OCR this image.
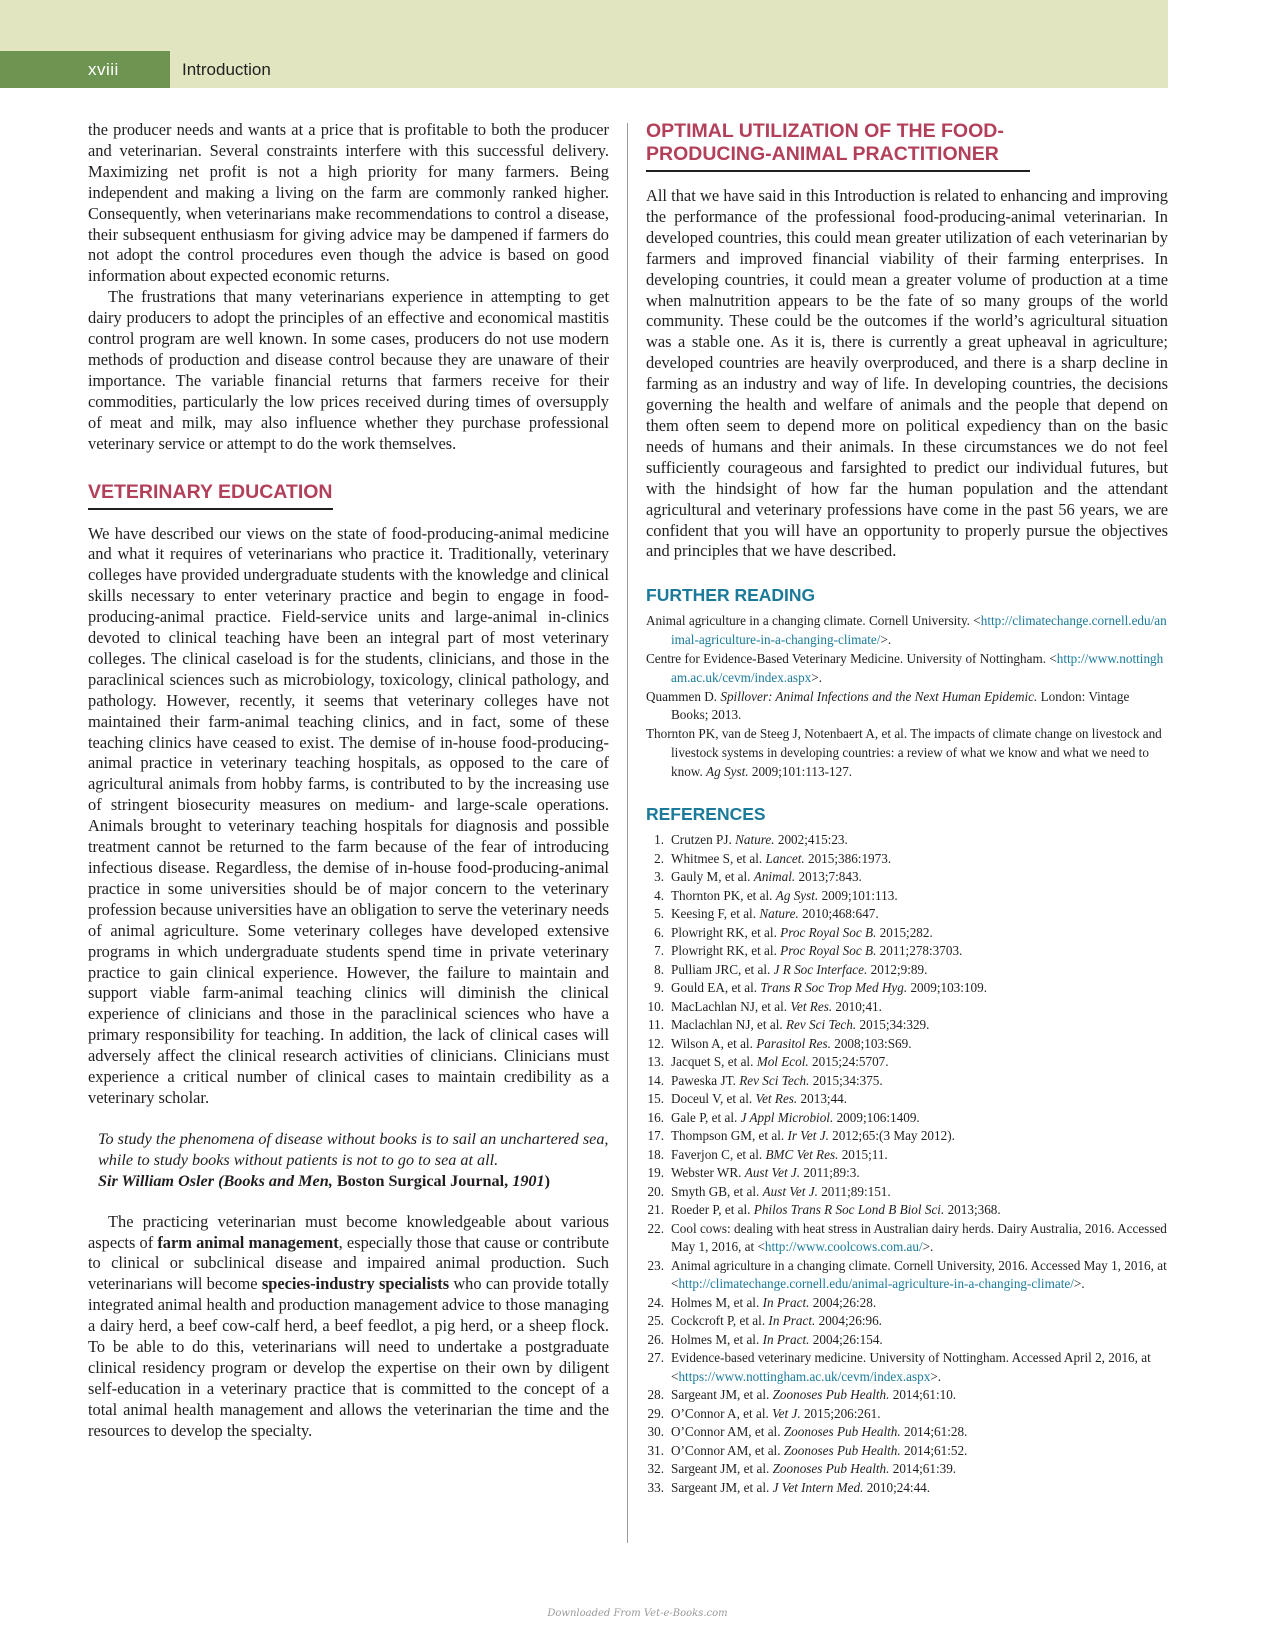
xviii	Introduction

the producer needs and wants at a price that is profitable to both the producer and veterinarian. Several constraints interfere with this successful delivery. Maximizing net profit is not a high priority for many farmers. Being independent and making a living on the farm are commonly ranked higher. Consequently, when veterinarians make recommendations to control a disease, their subsequent enthusiasm for giving advice may be dampened if farmers do not adopt the control procedures even though the advice is based on good information about expected economic returns.

The frustrations that many veterinarians experience in attempting to get dairy producers to adopt the principles of an effective and economical mastitis control program are well known. In some cases, producers do not use modern methods of production and disease control because they are unaware of their importance. The variable financial returns that farmers receive for their commodities, particularly the low prices received during times of oversupply of meat and milk, may also influence whether they purchase professional veterinary service or attempt to do the work themselves.

VETERINARY EDUCATION

We have described our views on the state of food-producing-animal medicine and what it requires of veterinarians who practice it. Traditionally, veterinary colleges have provided undergraduate students with the knowledge and clinical skills necessary to enter veterinary practice and begin to engage in food-producing-animal practice. Field-service units and large-animal in-clinics devoted to clinical teaching have been an integral part of most veterinary colleges. The clinical caseload is for the students, clinicians, and those in the paraclinical sciences such as microbiology, toxicology, clinical pathology, and pathology. However, recently, it seems that veterinary colleges have not maintained their farm-animal teaching clinics, and in fact, some of these teaching clinics have ceased to exist. The demise of in-house food-producing-animal practice in veterinary teaching hospitals, as opposed to the care of agricultural animals from hobby farms, is contributed to by the increasing use of stringent biosecurity measures on medium- and large-scale operations. Animals brought to veterinary teaching hospitals for diagnosis and possible treatment cannot be returned to the farm because of the fear of introducing infectious disease. Regardless, the demise of in-house food-producing-animal practice in some universities should be of major concern to the veterinary profession because universities have an obligation to serve the veterinary needs of animal agriculture. Some veterinary colleges have developed extensive programs in which undergraduate students spend time in private veterinary practice to gain clinical experience. However, the failure to maintain and support viable farm-animal teaching clinics will diminish the clinical experience of clinicians and those in the paraclinical sciences who have a primary responsibility for teaching. In addition, the lack of clinical cases will adversely affect the clinical research activities of clinicians. Clinicians must experience a critical number of clinical cases to maintain credibility as a veterinary scholar.

To study the phenomena of disease without books is to sail an unchartered sea, while to study books without patients is not to go to sea at all.
Sir William Osler (Books and Men, Boston Surgical Journal, 1901)

The practicing veterinarian must become knowledgeable about various aspects of farm animal management, especially those that cause or contribute to clinical or subclinical disease and impaired animal production. Such veterinarians will become species-industry specialists who can provide totally integrated animal health and production management advice to those managing a dairy herd, a beef cow-calf herd, a beef feedlot, a pig herd, or a sheep flock. To be able to do this, veterinarians will need to undertake a postgraduate clinical residency program or develop the expertise on their own by diligent self-education in a veterinary practice that is committed to the concept of a total animal health management and allows the veterinarian the time and the resources to develop the specialty.

OPTIMAL UTILIZATION OF THE FOOD-PRODUCING-ANIMAL PRACTITIONER

All that we have said in this Introduction is related to enhancing and improving the performance of the professional food-producing-animal veterinarian. In developed countries, this could mean greater utilization of each veterinarian by farmers and improved financial viability of their farming enterprises. In developing countries, it could mean a greater volume of production at a time when malnutrition appears to be the fate of so many groups of the world community. These could be the outcomes if the world’s agricultural situation was a stable one. As it is, there is currently a great upheaval in agriculture; developed countries are heavily overproduced, and there is a sharp decline in farming as an industry and way of life. In developing countries, the decisions governing the health and welfare of animals and the people that depend on them often seem to depend more on political expediency than on the basic needs of humans and their animals. In these circumstances we do not feel sufficiently courageous and farsighted to predict our individual futures, but with the hindsight of how far the human population and the attendant agricultural and veterinary professions have come in the past 56 years, we are confident that you will have an opportunity to properly pursue the objectives and principles that we have described.

FURTHER READING

Animal agriculture in a changing climate. Cornell University. <http://climatechange.cornell.edu/animal-agriculture-in-a-changing-climate/>.

Centre for Evidence-Based Veterinary Medicine. University of Nottingham. <http://www.nottingham.ac.uk/cevm/index.aspx>.

Quammen D. Spillover: Animal Infections and the Next Human Epidemic. London: Vintage Books; 2013.

Thornton PK, van de Steeg J, Notenbaert A, et al. The impacts of climate change on livestock and livestock systems in developing countries: a review of what we know and what we need to know. Ag Syst. 2009;101:113-127.

REFERENCES
1. Crutzen PJ. Nature. 2002;415:23.
2. Whitmee S, et al. Lancet. 2015;386:1973.
3. Gauly M, et al. Animal. 2013;7:843.
4. Thornton PK, et al. Ag Syst. 2009;101:113.
5. Keesing F, et al. Nature. 2010;468:647.
6. Plowright RK, et al. Proc Royal Soc B. 2015;282.
7. Plowright RK, et al. Proc Royal Soc B. 2011;278:3703.
8. Pulliam JRC, et al. J R Soc Interface. 2012;9:89.
9. Gould EA, et al. Trans R Soc Trop Med Hyg. 2009;103:109.
10. MacLachlan NJ, et al. Vet Res. 2010;41.
11. Maclachlan NJ, et al. Rev Sci Tech. 2015;34:329.
12. Wilson A, et al. Parasitol Res. 2008;103:S69.
13. Jacquet S, et al. Mol Ecol. 2015;24:5707.
14. Paweska JT. Rev Sci Tech. 2015;34:375.
15. Doceul V, et al. Vet Res. 2013;44.
16. Gale P, et al. J Appl Microbiol. 2009;106:1409.
17. Thompson GM, et al. Ir Vet J. 2012;65:(3 May 2012).
18. Faverjon C, et al. BMC Vet Res. 2015;11.
19. Webster WR. Aust Vet J. 2011;89:3.
20. Smyth GB, et al. Aust Vet J. 2011;89:151.
21. Roeder P, et al. Philos Trans R Soc Lond B Biol Sci. 2013;368.
22. Cool cows: dealing with heat stress in Australian dairy herds. Dairy Australia, 2016. Accessed May 1, 2016, at <http://www.coolcows.com.au/>.
23. Animal agriculture in a changing climate. Cornell University, 2016. Accessed May 1, 2016, at <http://climatechange.cornell.edu/animal-agriculture-in-a-changing-climate/>.
24. Holmes M, et al. In Pract. 2004;26:28.
25. Cockcroft P, et al. In Pract. 2004;26:96.
26. Holmes M, et al. In Pract. 2004;26:154.
27. Evidence-based veterinary medicine. University of Nottingham. Accessed April 2, 2016, at <https://www.nottingham.ac.uk/cevm/index.aspx>.
28. Sargeant JM, et al. Zoonoses Pub Health. 2014;61:10.
29. O’Connor A, et al. Vet J. 2015;206:261.
30. O’Connor AM, et al. Zoonoses Pub Health. 2014;61:28.
31. O’Connor AM, et al. Zoonoses Pub Health. 2014;61:52.
32. Sargeant JM, et al. Zoonoses Pub Health. 2014;61:39.
33. Sargeant JM, et al. J Vet Intern Med. 2010;24:44.
Downloaded From Vet-e-Books.com
